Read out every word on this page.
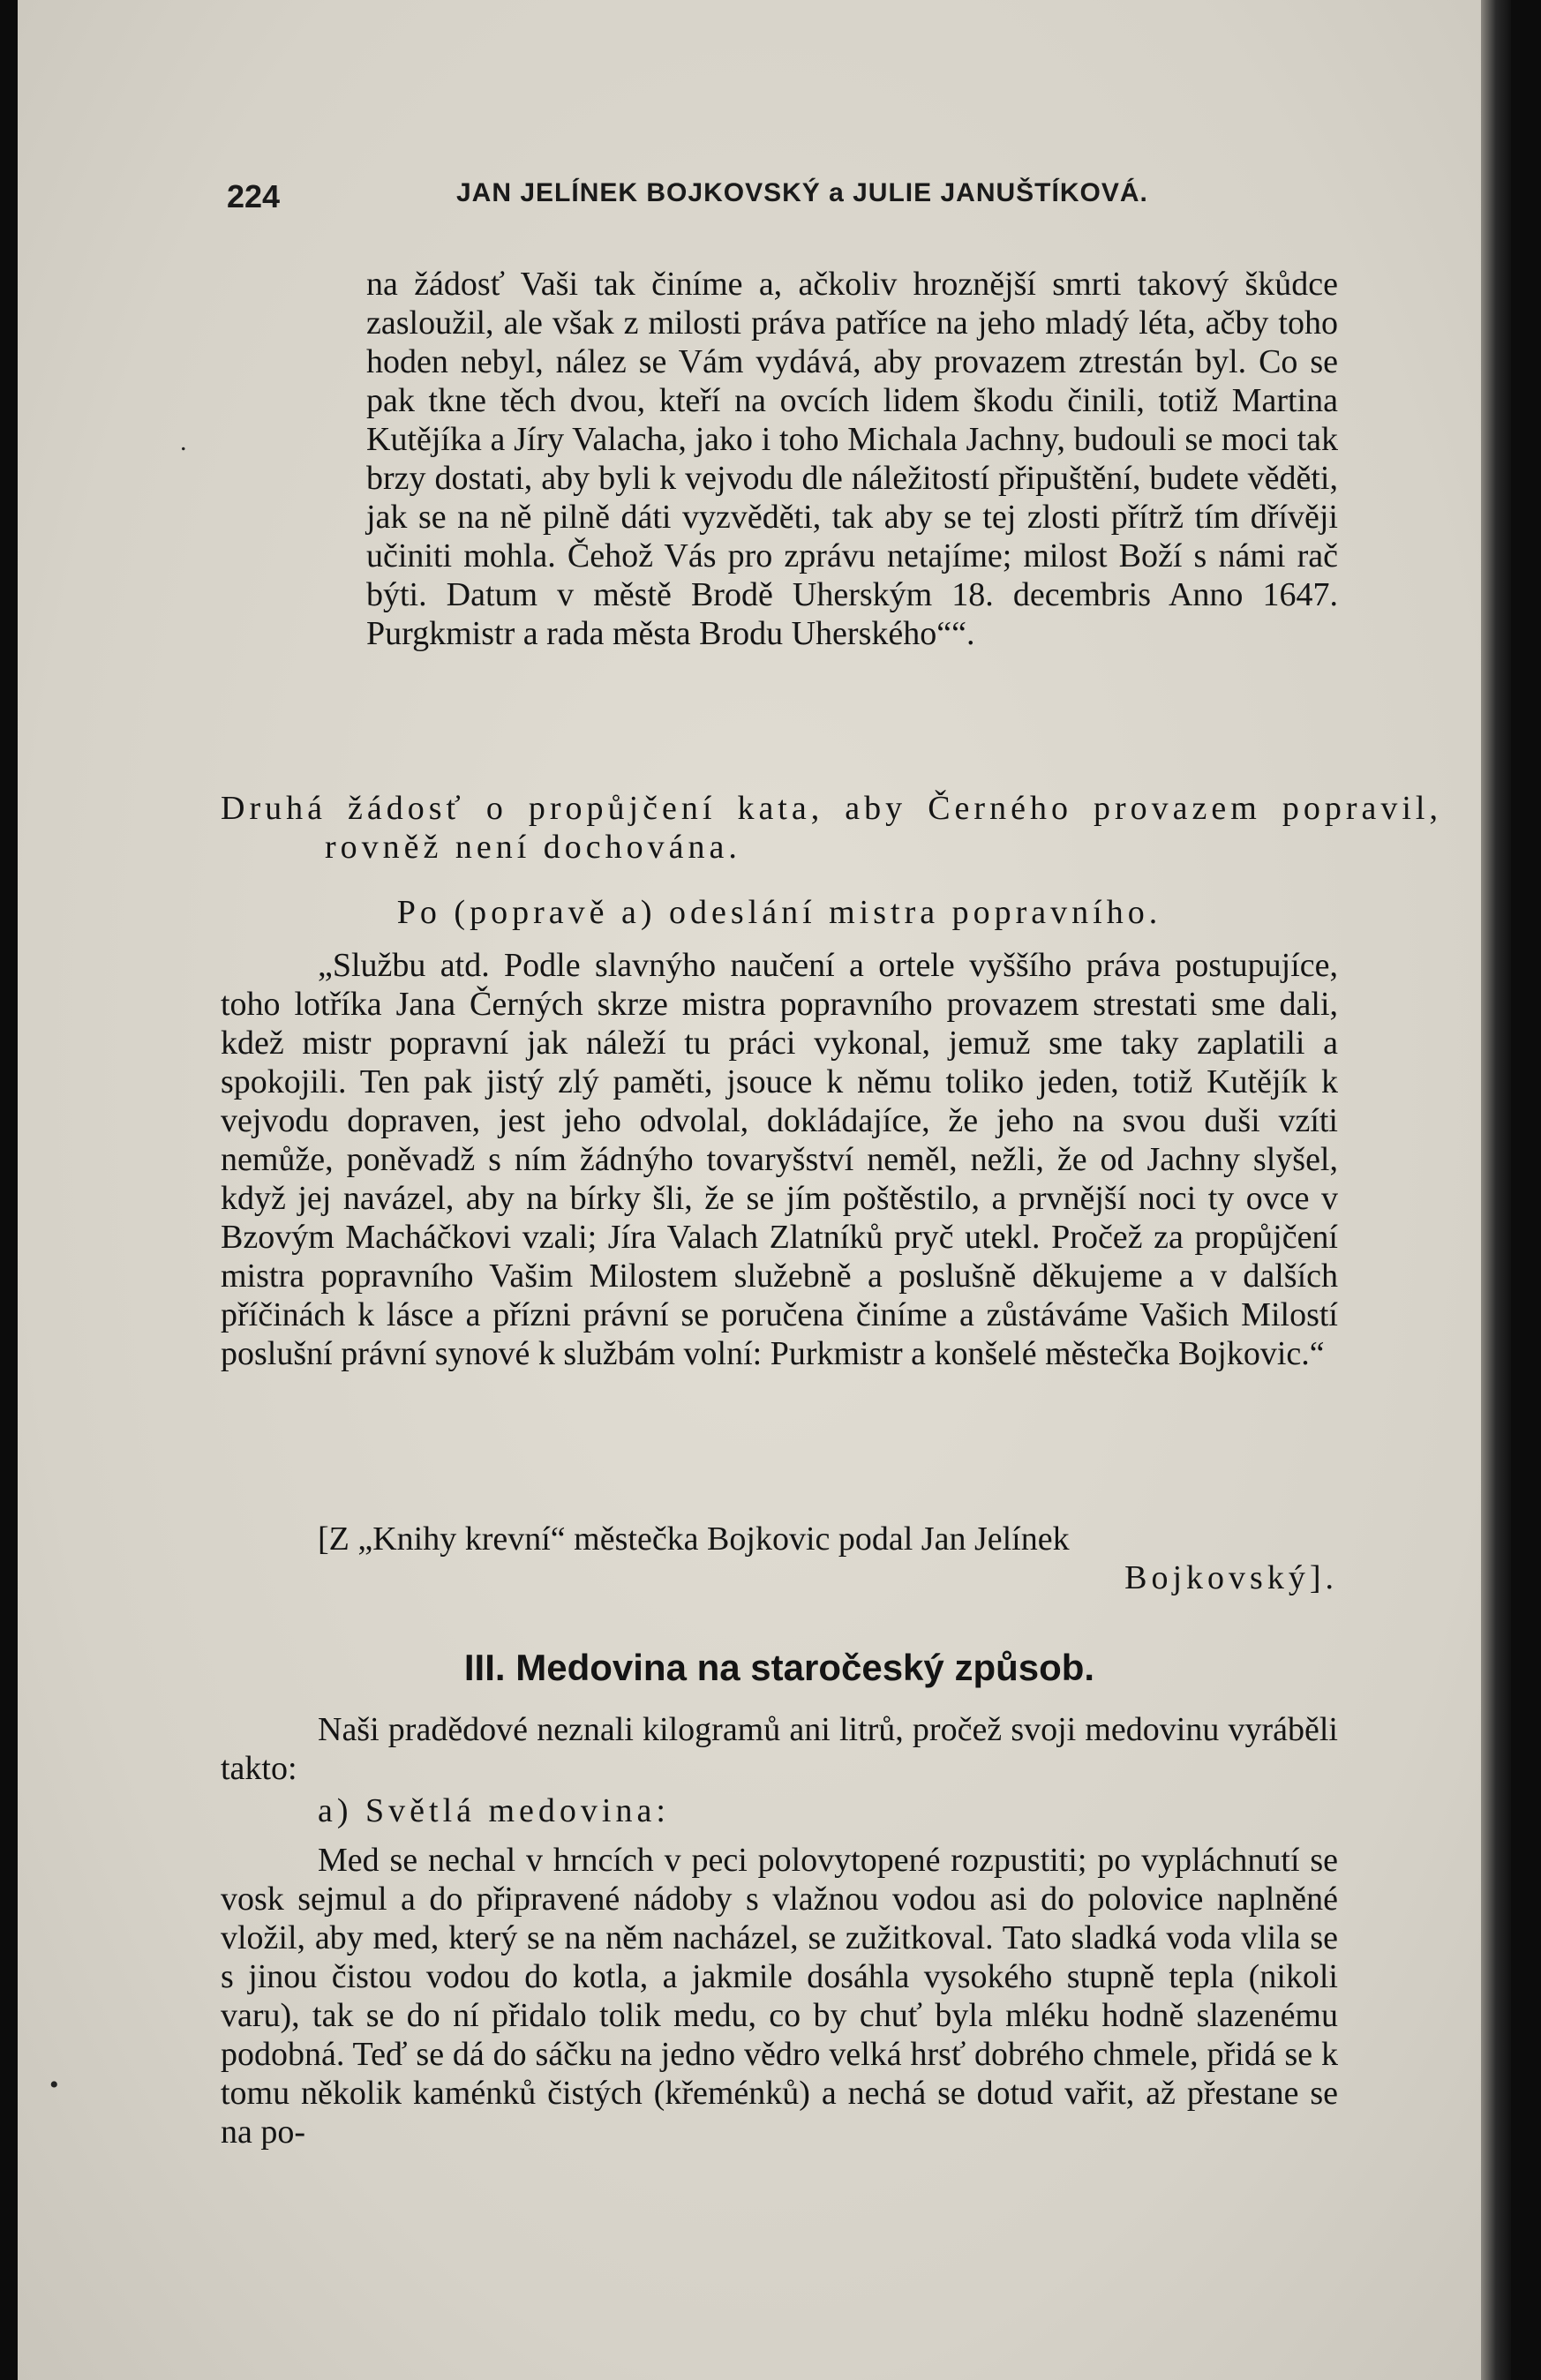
224	JAN JELÍNEK BOJKOVSKÝ a JULIE JANUŠTÍKOVÁ.

na žádosť Vaši tak činíme a, ačkoliv hroznější smrti takový škůdce zasloužil, ale však z milosti práva patříce na jeho mladý léta, ačby toho hoden nebyl, nález se Vám vydává, aby provazem ztrestán byl. Co se pak tkne těch dvou, kteří na ovcích lidem škodu činili, totiž Martina Kutějíka a Jíry Valacha, jako i toho Michala Jachny, budouli se moci tak brzy dostati, aby byli k vejvodu dle náležitostí připuštění, budete věděti, jak se na ně pilně dáti vyzvěděti, tak aby se tej zlosti přítrž tím dřívěji učiniti mohla. Čehož Vás pro zprávu netajíme; milost Boží s námi rač býti. Datum v městě Brodě Uherským 18. decembris Anno 1647. Purgkmistr a rada města Brodu Uherského““.

Druhá žádosť o propůjčení kata, aby Černého provazem popravil, rovněž není dochována.

Po (popravě a) odeslání mistra popravního.

„Službu atd. Podle slavnýho naučení a ortele vyššího práva postupujíce, toho lotříka Jana Černých skrze mistra popravního provazem strestati sme dali, kdež mistr popravní jak náleží tu práci vykonal, jemuž sme taky zaplatili a spokojili. Ten pak jistý zlý paměti, jsouce k němu toliko jeden, totiž Kutějík k vejvodu dopraven, jest jeho odvolal, dokládajíce, že jeho na svou duši vzíti nemůže, poněvadž s ním žádnýho tovaryšství neměl, nežli, že od Jachny slyšel, když jej navázel, aby na bírky šli, že se jím poštěstilo, a prvnější noci ty ovce v Bzovým Macháčkovi vzali; Jíra Valach Zlatníků pryč utekl. Pročež za propůjčení mistra popravního Vašim Milostem služebně a poslušně děkujeme a v dalších příčinách k lásce a přízni právní se poručena činíme a zůstáváme Vašich Milostí poslušní právní synové k službám volní: Purkmistr a konšelé městečka Bojkovic.“

[Z „Knihy krevní“ městečka Bojkovic podal Jan Jelínek
Bojkovský].

III. Medovina na staročeský způsob.

Naši pradědové neznali kilogramů ani litrů, pročež svoji medovinu vyráběli takto:

a) Světlá medovina:

Med se nechal v hrncích v peci polovytopené rozpustiti; po vypláchnutí se vosk sejmul a do připravené nádoby s vlažnou vodou asi do polovice naplněné vložil, aby med, který se na něm nacházel, se zužitkoval. Tato sladká voda vlila se s jinou čistou vodou do kotla, a jakmile dosáhla vysokého stupně tepla (nikoli varu), tak se do ní přidalo tolik medu, co by chuť byla mléku hodně slazenému podobná. Teď se dá do sáčku na jedno vědro velká hrsť dobrého chmele, přidá se k tomu několik kaménků čistých (křeménků) a nechá se dotud vařit, až přestane se na po-

.
•
